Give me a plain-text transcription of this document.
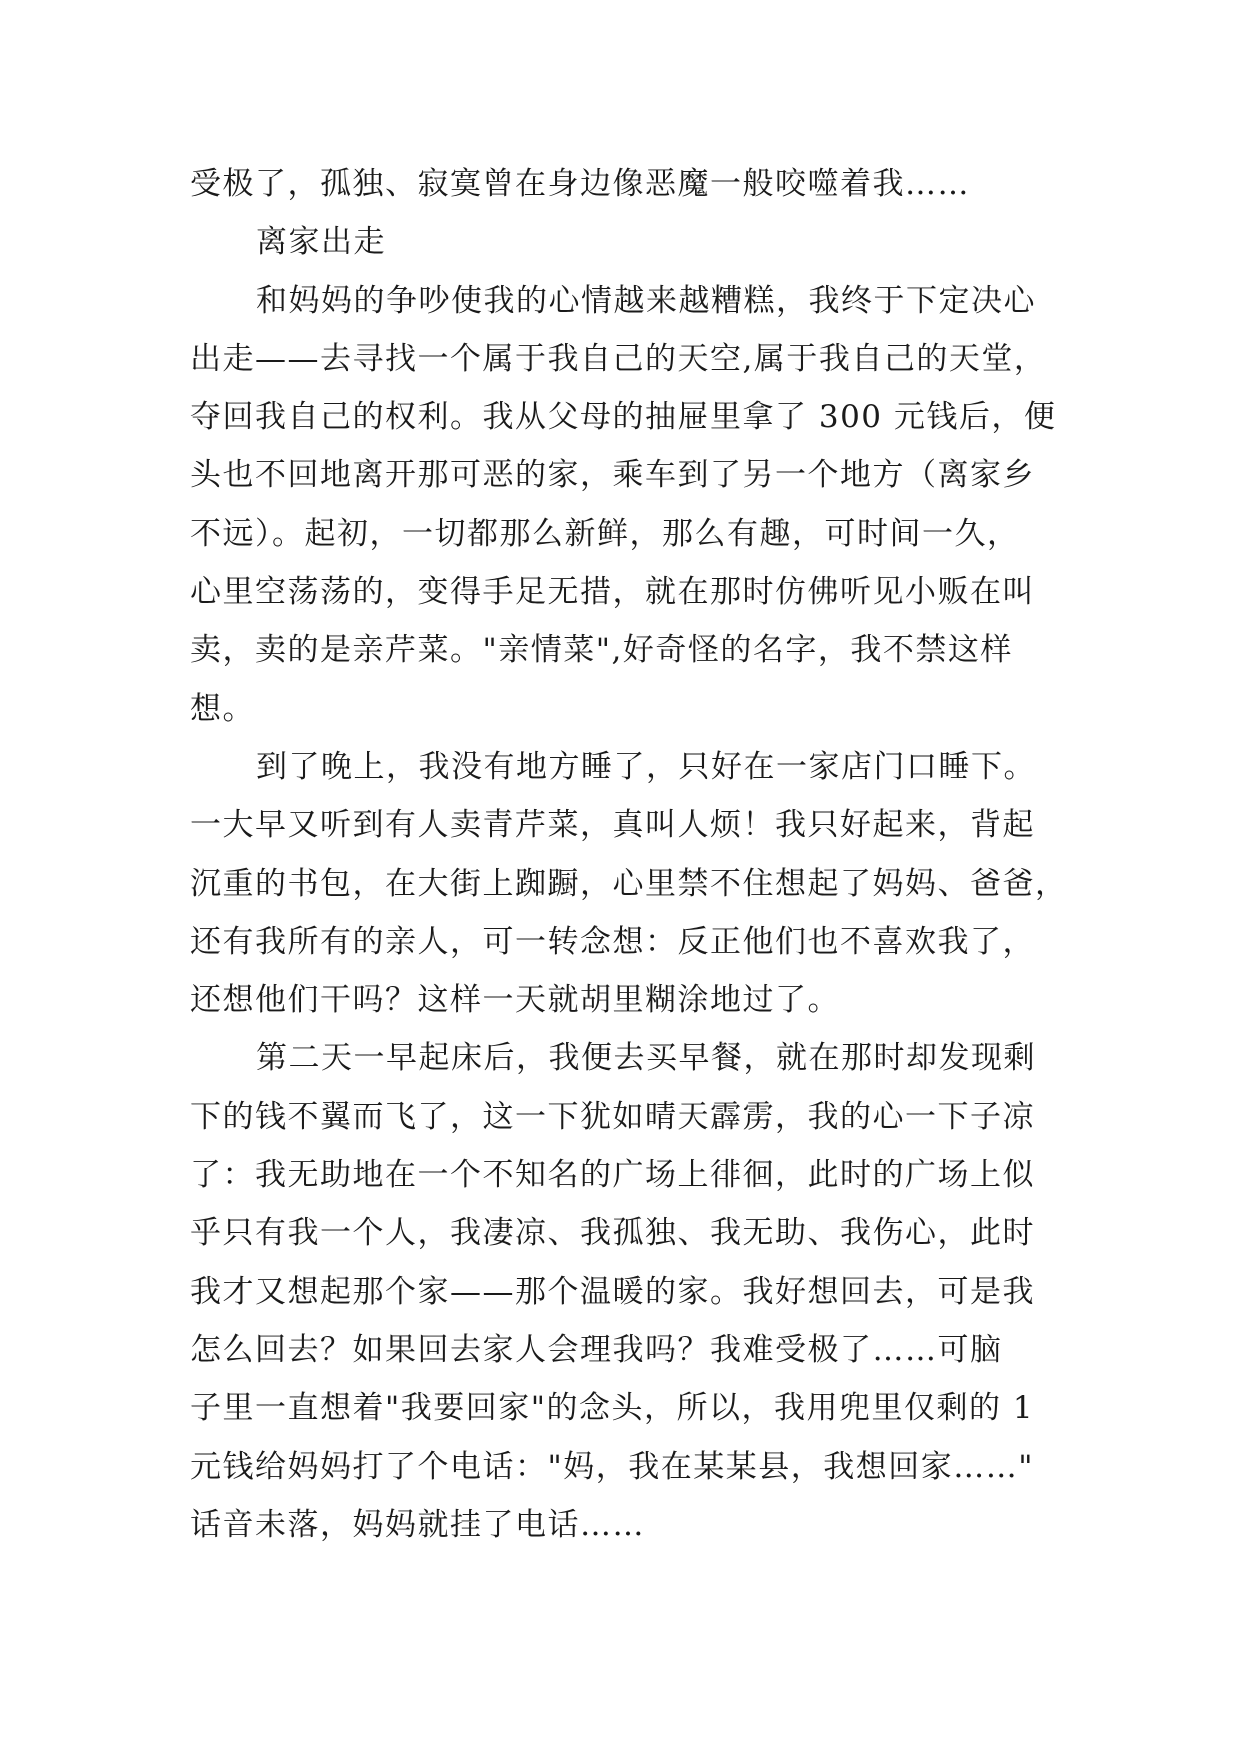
受极了，孤独、寂寞曾在身边像恶魔一般咬噬着我……
离家出走
和妈妈的争吵使我的心情越来越糟糕，我终于下定决心
出走——去寻找一个属于我自己的天空,属于我自己的天堂，
夺回我自己的权利。我从父母的抽屉里拿了 300 元钱后，便
头也不回地离开那可恶的家，乘车到了另一个地方（离家乡
不远）。起初，一切都那么新鲜，那么有趣，可时间一久，
心里空荡荡的，变得手足无措，就在那时仿佛听见小贩在叫
卖，卖的是亲芹菜。"亲情菜",好奇怪的名字，我不禁这样
想。
到了晚上，我没有地方睡了，只好在一家店门口睡下。
一大早又听到有人卖青芹菜，真叫人烦！我只好起来，背起
沉重的书包，在大街上踟蹰，心里禁不住想起了妈妈、爸爸，
还有我所有的亲人，可一转念想：反正他们也不喜欢我了，
还想他们干吗？这样一天就胡里糊涂地过了。
第二天一早起床后，我便去买早餐，就在那时却发现剩
下的钱不翼而飞了，这一下犹如晴天霹雳，我的心一下子凉
了：我无助地在一个不知名的广场上徘徊，此时的广场上似
乎只有我一个人，我凄凉、我孤独、我无助、我伤心，此时
我才又想起那个家——那个温暖的家。我好想回去，可是我
怎么回去？如果回去家人会理我吗？我难受极了……可脑
子里一直想着"我要回家"的念头，所以，我用兜里仅剩的 1
元钱给妈妈打了个电话："妈，我在某某县，我想回家……"
话音未落，妈妈就挂了电话……
